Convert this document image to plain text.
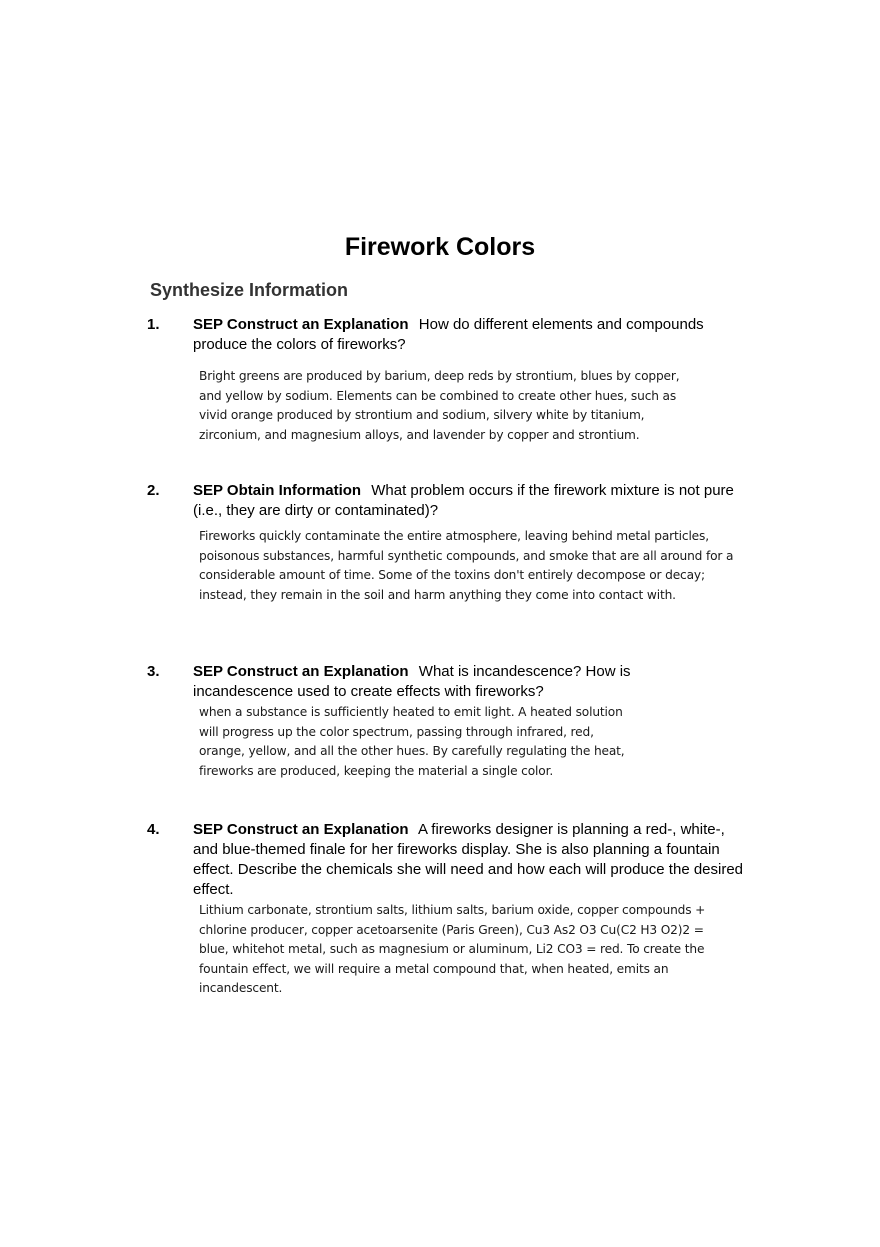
Firework Colors
Synthesize Information
1. SEP Construct an Explanation How do different elements and compounds produce the colors of fireworks?
Bright greens are produced by barium, deep reds by strontium, blues by copper, and yellow by sodium. Elements can be combined to create other hues, such as vivid orange produced by strontium and sodium, silvery white by titanium, zirconium, and magnesium alloys, and lavender by copper and strontium.
2. SEP Obtain Information What problem occurs if the firework mixture is not pure (i.e., they are dirty or contaminated)?
Fireworks quickly contaminate the entire atmosphere, leaving behind metal particles, poisonous substances, harmful synthetic compounds, and smoke that are all around for a considerable amount of time. Some of the toxins don't entirely decompose or decay; instead, they remain in the soil and harm anything they come into contact with.
3. SEP Construct an Explanation What is incandescence? How is incandescence used to create effects with fireworks?
when a substance is sufficiently heated to emit light. A heated solution will progress up the color spectrum, passing through infrared, red, orange, yellow, and all the other hues. By carefully regulating the heat, fireworks are produced, keeping the material a single color.
4. SEP Construct an Explanation A fireworks designer is planning a red-, white-, and blue-themed finale for her fireworks display. She is also planning a fountain effect. Describe the chemicals she will need and how each will produce the desired effect.
Lithium carbonate, strontium salts, lithium salts, barium oxide, copper compounds + chlorine producer, copper acetoarsenite (Paris Green), Cu3 As2 O3 Cu(C2 H3 O2)2 = blue, whitehot metal, such as magnesium or aluminum, Li2 CO3 = red. To create the fountain effect, we will require a metal compound that, when heated, emits an incandescent.
